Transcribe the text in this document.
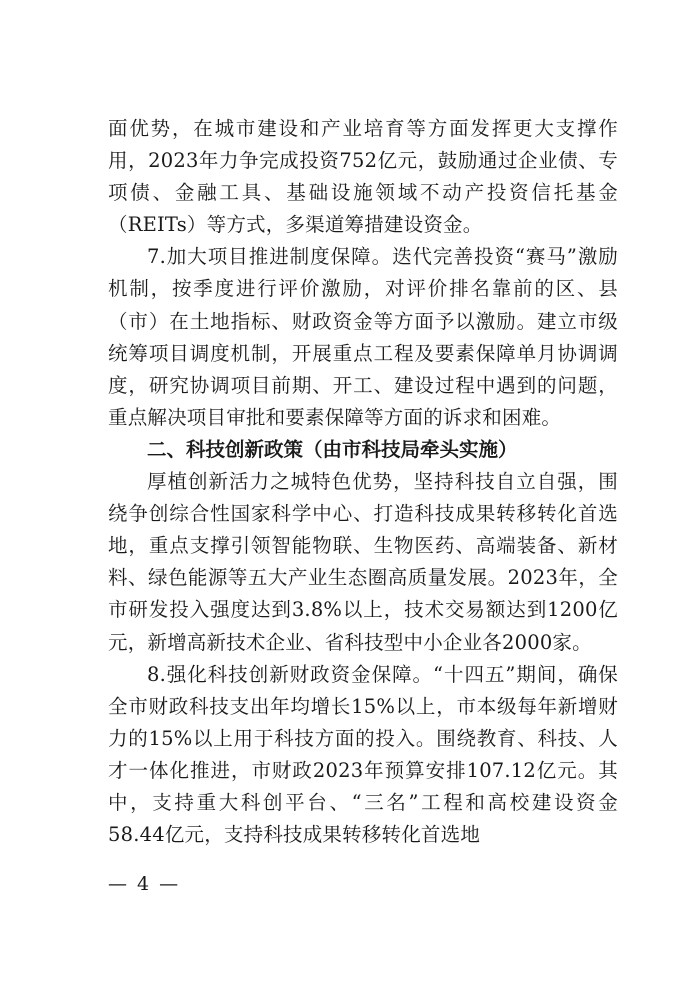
面优势，在城市建设和产业培育等方面发挥更大支撑作用，2023年力争完成投资752亿元，鼓励通过企业债、专项债、金融工具、基础设施领域不动产投资信托基金（REITs）等方式，多渠道筹措建设资金。

7.加大项目推进制度保障。迭代完善投资“赛马”激励机制，按季度进行评价激励，对评价排名靠前的区、县（市）在土地指标、财政资金等方面予以激励。建立市级统筹项目调度机制，开展重点工程及要素保障单月协调调度，研究协调项目前期、开工、建设过程中遇到的问题，重点解决项目审批和要素保障等方面的诉求和困难。

二、科技创新政策（由市科技局牵头实施）

厚植创新活力之城特色优势，坚持科技自立自强，围绕争创综合性国家科学中心、打造科技成果转移转化首选地，重点支撑引领智能物联、生物医药、高端装备、新材料、绿色能源等五大产业生态圈高质量发展。2023年，全市研发投入强度达到3.8%以上，技术交易额达到1200亿元，新增高新技术企业、省科技型中小企业各2000家。

8.强化科技创新财政资金保障。“十四五”期间，确保全市财政科技支出年均增长15%以上，市本级每年新增财力的15%以上用于科技方面的投入。围绕教育、科技、人才一体化推进，市财政2023年预算安排107.12亿元。其中，支持重大科创平台、“三名”工程和高校建设资金58.44亿元，支持科技成果转移转化首选地

— 4 —
